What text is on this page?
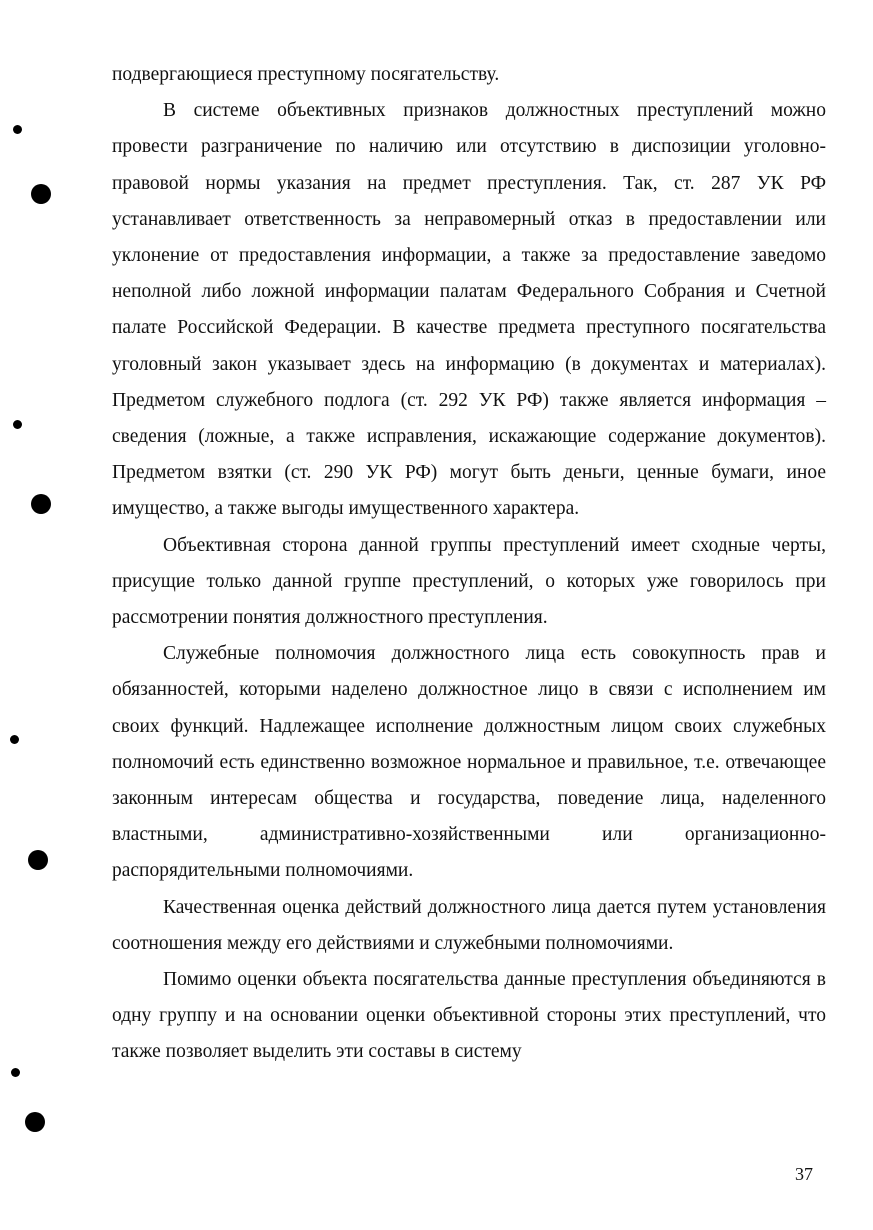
подвергающиеся преступному посягательству.

В системе объективных признаков должностных преступлений можно провести разграничение по наличию или отсутствию в диспозиции уголовно-правовой нормы указания на предмет преступления. Так, ст. 287 УК РФ устанавливает ответственность за неправомерный отказ в предоставлении или уклонение от предоставления информации, а также за предоставление заведомо неполной либо ложной информации палатам Федерального Собрания и Счетной палате Российской Федерации. В качестве предмета преступного посягательства уголовный закон указывает здесь на информацию (в документах и материалах). Предметом служебного подлога (ст. 292 УК РФ) также является информация – сведения (ложные, а также исправления, искажающие содержание документов). Предметом взятки (ст. 290 УК РФ) могут быть деньги, ценные бумаги, иное имущество, а также выгоды имущественного характера.

Объективная сторона данной группы преступлений имеет сходные черты, присущие только данной группе преступлений, о которых уже говорилось при рассмотрении понятия должностного преступления.

Служебные полномочия должностного лица есть совокупность прав и обязанностей, которыми наделено должностное лицо в связи с исполнением им своих функций. Надлежащее исполнение должностным лицом своих служебных полномочий есть единственно возможное нормальное и правильное, т.е. отвечающее законным интересам общества и государства, поведение лица, наделенного властными, административно-хозяйственными или организационно-распорядительными полномочиями.

Качественная оценка действий должностного лица дается путем установления соотношения между его действиями и служебными полномочиями.

Помимо оценки объекта посягательства данные преступления объединяются в одну группу и на основании оценки объективной стороны этих преступлений, что также позволяет выделить эти составы в систему

37
